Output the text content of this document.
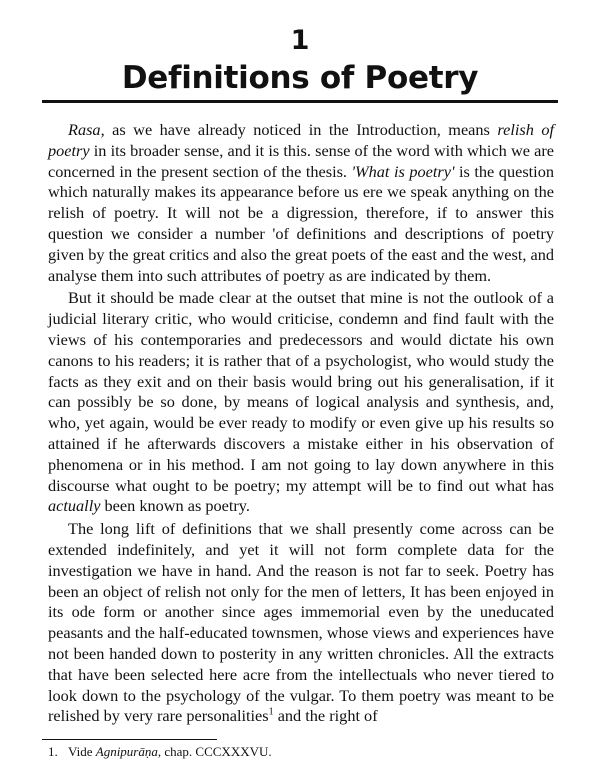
1
Definitions of Poetry

Rasa, as we have already noticed in the Introduction, means relish of poetry in its broader sense, and it is this. sense of the word with which we are concerned in the present section of the thesis. 'What is poetry' is the question which naturally makes its appearance before us ere we speak anything on the relish of poetry. It will not be a digression, therefore, if to answer this question we consider a number 'of definitions and descriptions of poetry given by the great critics and also the great poets of the east and the west, and analyse them into such attributes of poetry as are indicated by them.

But it should be made clear at the outset that mine is not the outlook of a judicial literary critic, who would criticise, condemn and find fault with the views of his contemporaries and predecessors and would dictate his own canons to his readers; it is rather that of a psychologist, who would study the facts as they exit and on their basis would bring out his generalisation, if it can possibly be so done, by means of logical analysis and synthesis, and, who, yet again, would be ever ready to modify or even give up his results so attained if he afterwards discovers a mistake either in his observation of phenomena or in his method. I am not going to lay down anywhere in this discourse what ought to be poetry; my attempt will be to find out what has actually been known as poetry.

The long lift of definitions that we shall presently come across can be extended indefinitely, and yet it will not form complete data for the investigation we have in hand. And the reason is not far to seek. Poetry has been an object of relish not only for the men of letters, It has been enjoyed in its ode form or another since ages immemorial even by the uneducated peasants and the half-educated townsmen, whose views and experiences have not been handed down to posterity in any written chronicles. All the extracts that have been selected here acre from the intellectuals who never tiered to look down to the psychology of the vulgar. To them poetry was meant to be relished by very rare personalities$^1$ and the right of

1. Vide Agnipurāṇa, chap. CCCXXXVU.
